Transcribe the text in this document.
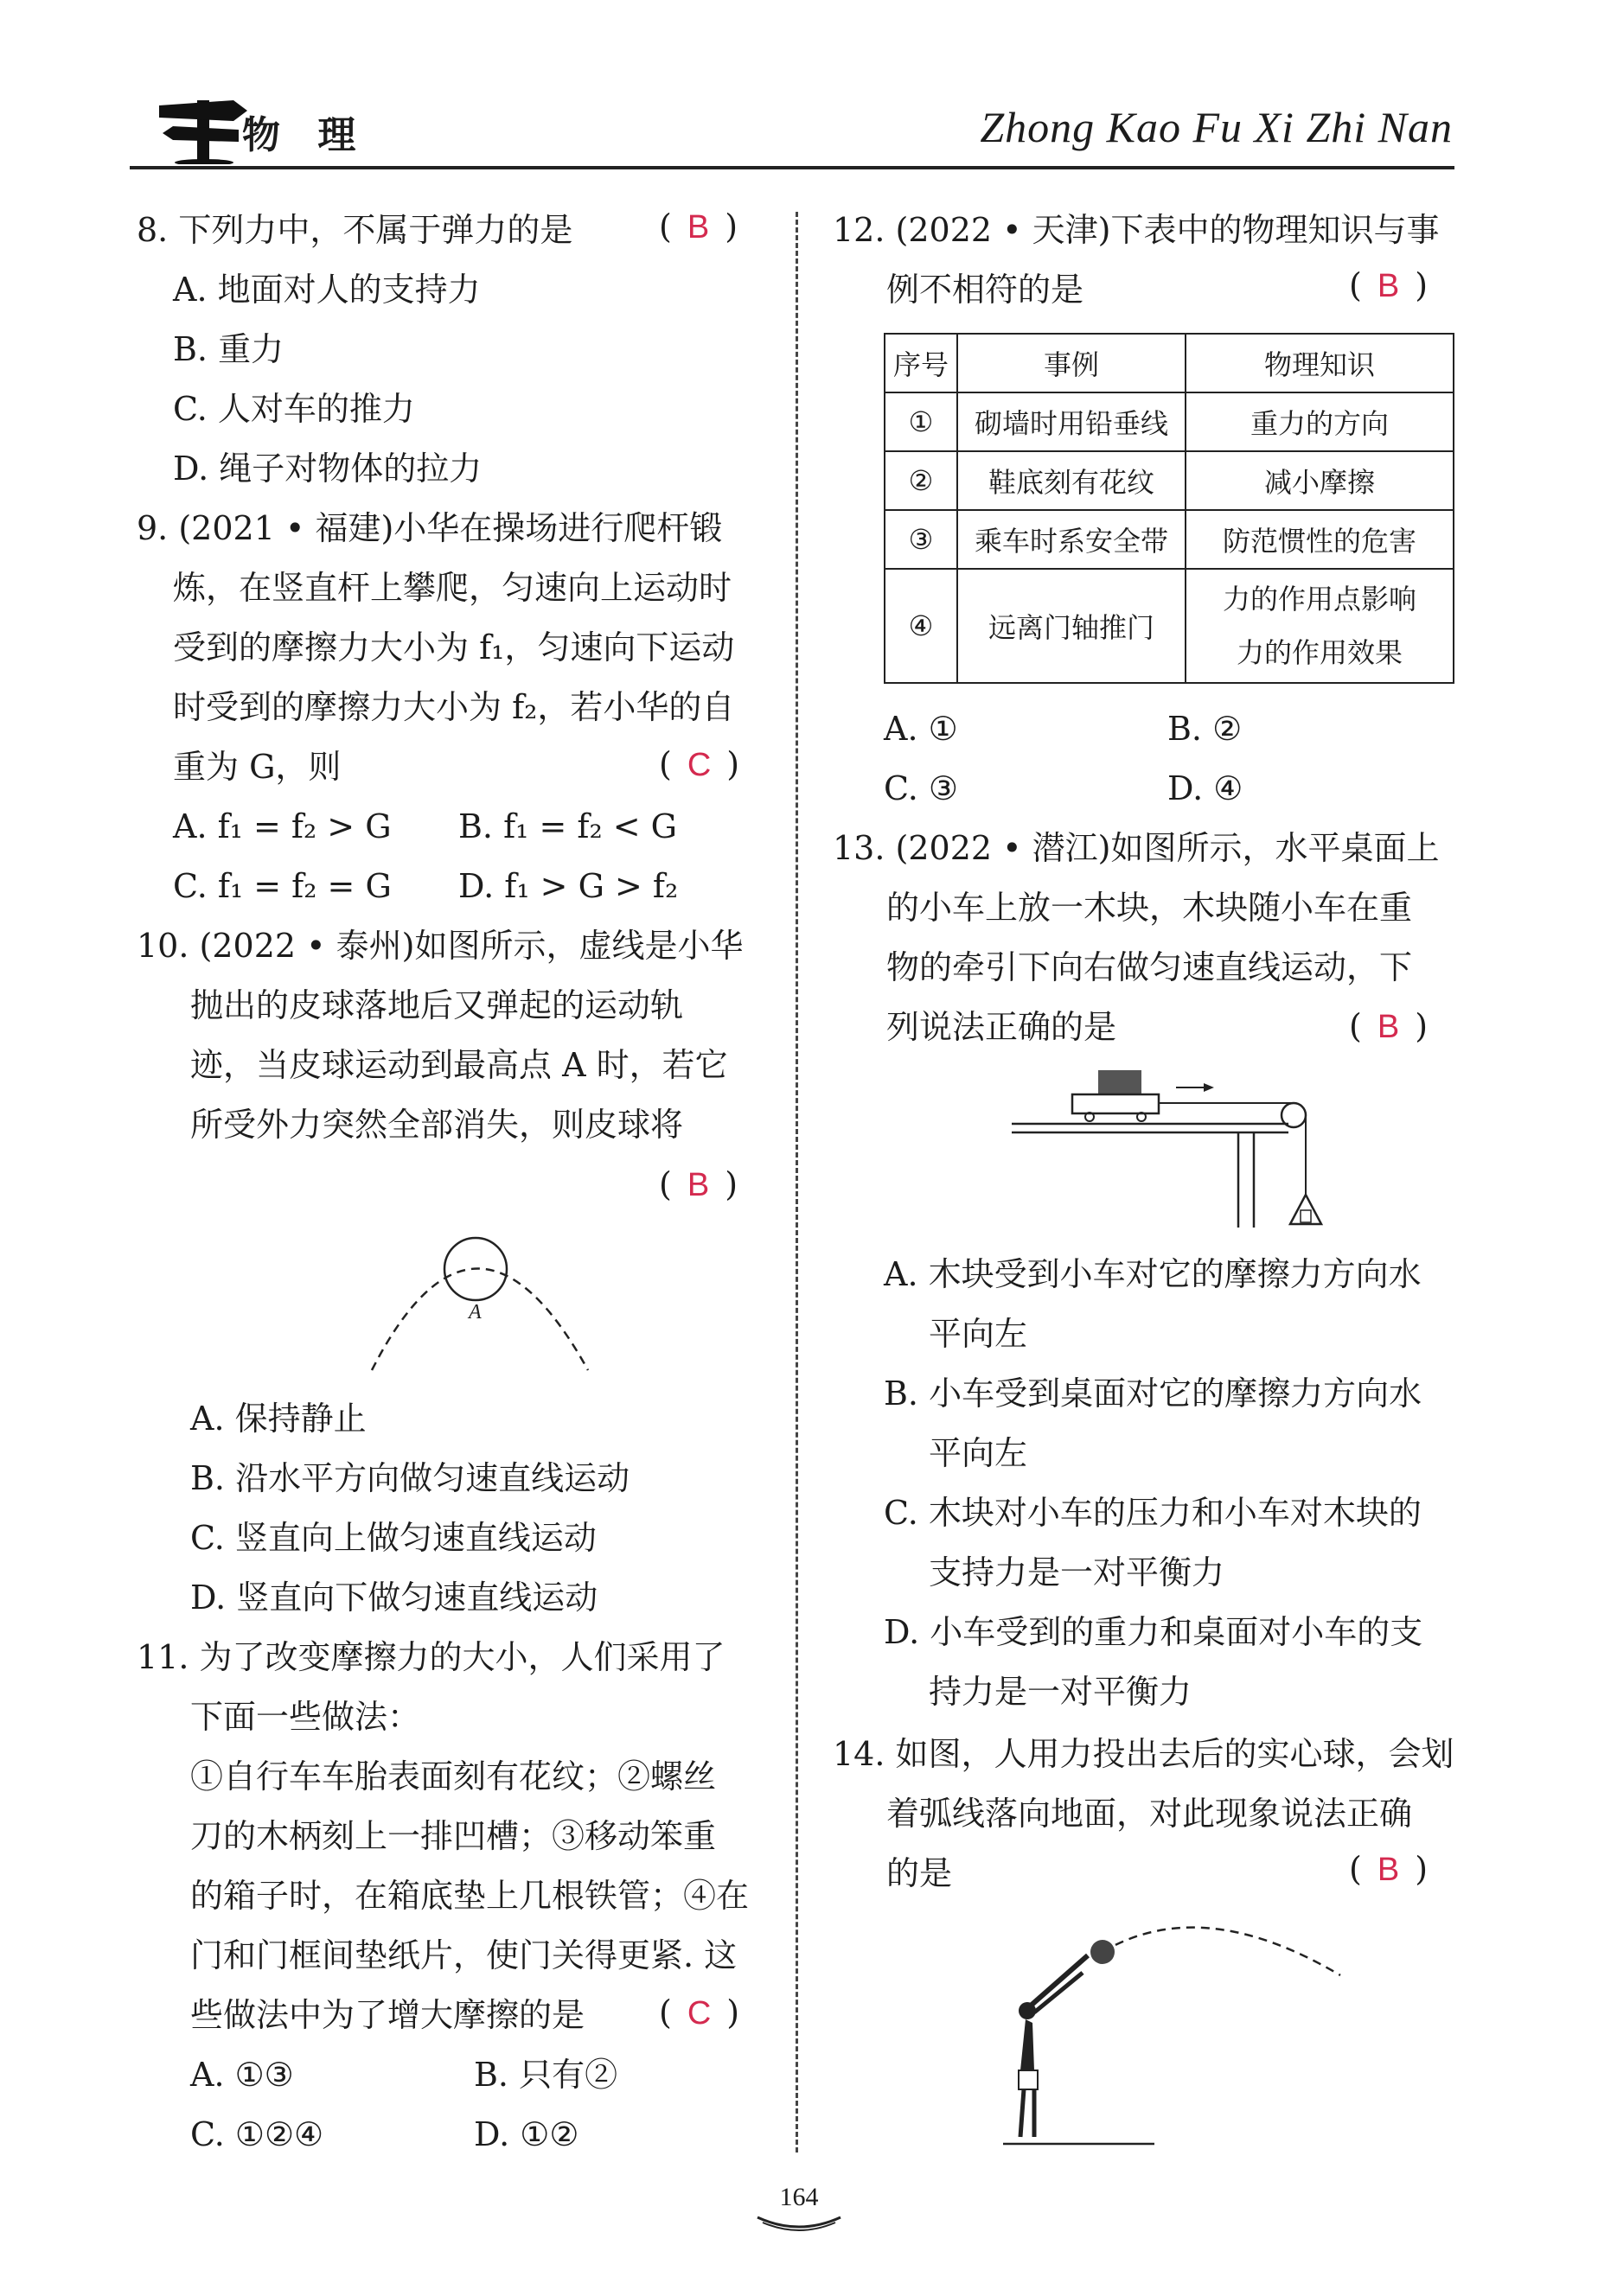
物 理	Zhong Kao Fu Xi Zhi Nan
8. 下列力中，不属于弹力的是
A. 地面对人的支持力
B. 重力
C. 人对车的推力
D. 绳子对物体的拉力
( B )
9. (2021 • 福建)小华在操场进行爬杆锻
炼，在竖直杆上攀爬，匀速向上运动时
受到的摩擦力大小为 f₁，匀速向下运动
时受到的摩擦力大小为 f₂，若小华的自
重为 G，则
A. f₁ = f₂ > G	B. f₁ = f₂ < G
C. f₁ = f₂ = G	D. f₁ > G > f₂
( C )
10. (2022 • 泰州)如图所示，虚线是小华
抛出的皮球落地后又弹起的运动轨
迹，当皮球运动到最高点 A 时，若它
所受外力突然全部消失，则皮球将
( B )
A
A. 保持静止
B. 沿水平方向做匀速直线运动
C. 竖直向上做匀速直线运动
D. 竖直向下做匀速直线运动
11. 为了改变摩擦力的大小，人们采用了
下面一些做法：
①自行车车胎表面刻有花纹；②螺丝
刀的木柄刻上一排凹槽；③移动笨重
的箱子时，在箱底垫上几根铁管；④在
门和门框间垫纸片，使门关得更紧. 这
些做法中为了增大摩擦的是
A. ①③	B. 只有②
C. ①②④	D. ①②
( C )
12. (2022 • 天津)下表中的物理知识与事
例不相符的是	( B )
序号	事例	物理知识
①	砌墙时用铅垂线	重力的方向
②	鞋底刻有花纹	减小摩擦
③	乘车时系安全带	防范惯性的危害
④	远离门轴推门	力的作用点影响
力的作用效果
A. ①	B. ②
C. ③	D. ④
13. (2022 • 潜江)如图所示，水平桌面上
的小车上放一木块，木块随小车在重
物的牵引下向右做匀速直线运动，下
列说法正确的是	( B )
A. 木块受到小车对它的摩擦力方向水
平向左
B. 小车受到桌面对它的摩擦力方向水
平向左
C. 木块对小车的压力和小车对木块的
支持力是一对平衡力
D. 小车受到的重力和桌面对小车的支
持力是一对平衡力
14. 如图，人用力投出去后的实心球，会划
着弧线落向地面，对此现象说法正确
的是	( B )
164
